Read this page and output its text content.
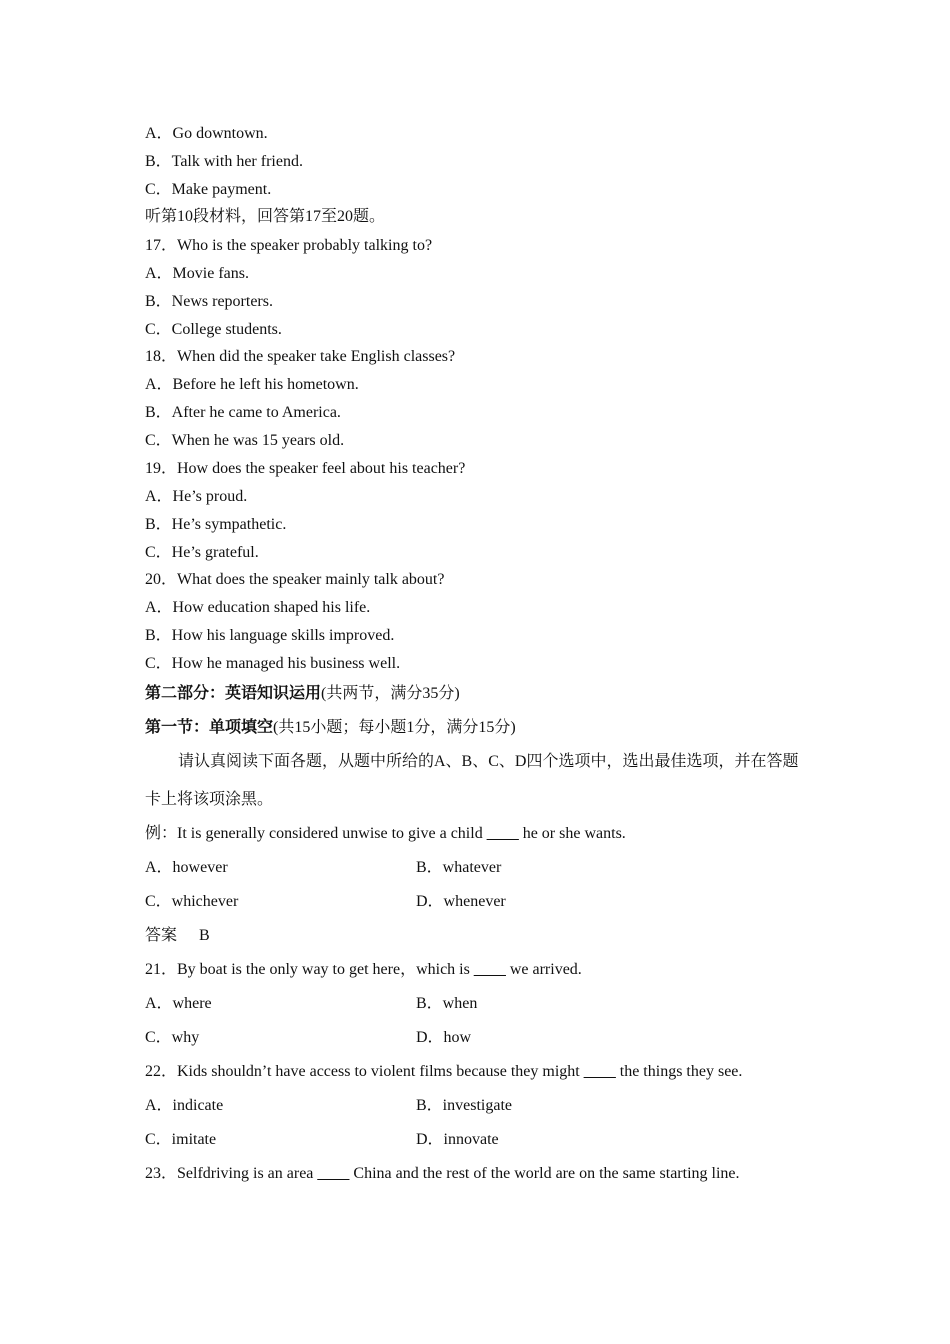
A．Go downtown.
B．Talk with her friend.
C．Make payment.
听第10段材料，回答第17至20题。
17．Who is the speaker probably talking to?
A．Movie fans.
B．News reporters.
C．College students.
18．When did the speaker take English classes?
A．Before he left his hometown.
B．After he came to America.
C．When he was 15 years old.
19．How does the speaker feel about his teacher?
A．He’s proud.
B．He’s sympathetic.
C．He’s grateful.
20．What does the speaker mainly talk about?
A．How education shaped his life.
B．How his language skills improved.
C．How he managed his business well.
第二部分：英语知识运用(共两节，满分35分)
第一节：单项填空(共15小题；每小题1分，满分15分)
请认真阅读下面各题，从题中所给的A、B、C、D四个选项中，选出最佳选项，并在答题
卡上将该项涂黑。
例：It is generally considered unwise to give a child ____ he or she wants.
A．however	B．whatever
C．whichever	D．whenever
答案 B
21．By boat is the only way to get here，which is ____ we arrived.
A．where	B．when
C．why	D．how
22．Kids shouldn’t have access to violent films because they might ____ the things they see.
A．indicate	B．investigate
C．imitate	D．innovate
23．Selfdriving is an area ____ China and the rest of the world are on the same starting line.
